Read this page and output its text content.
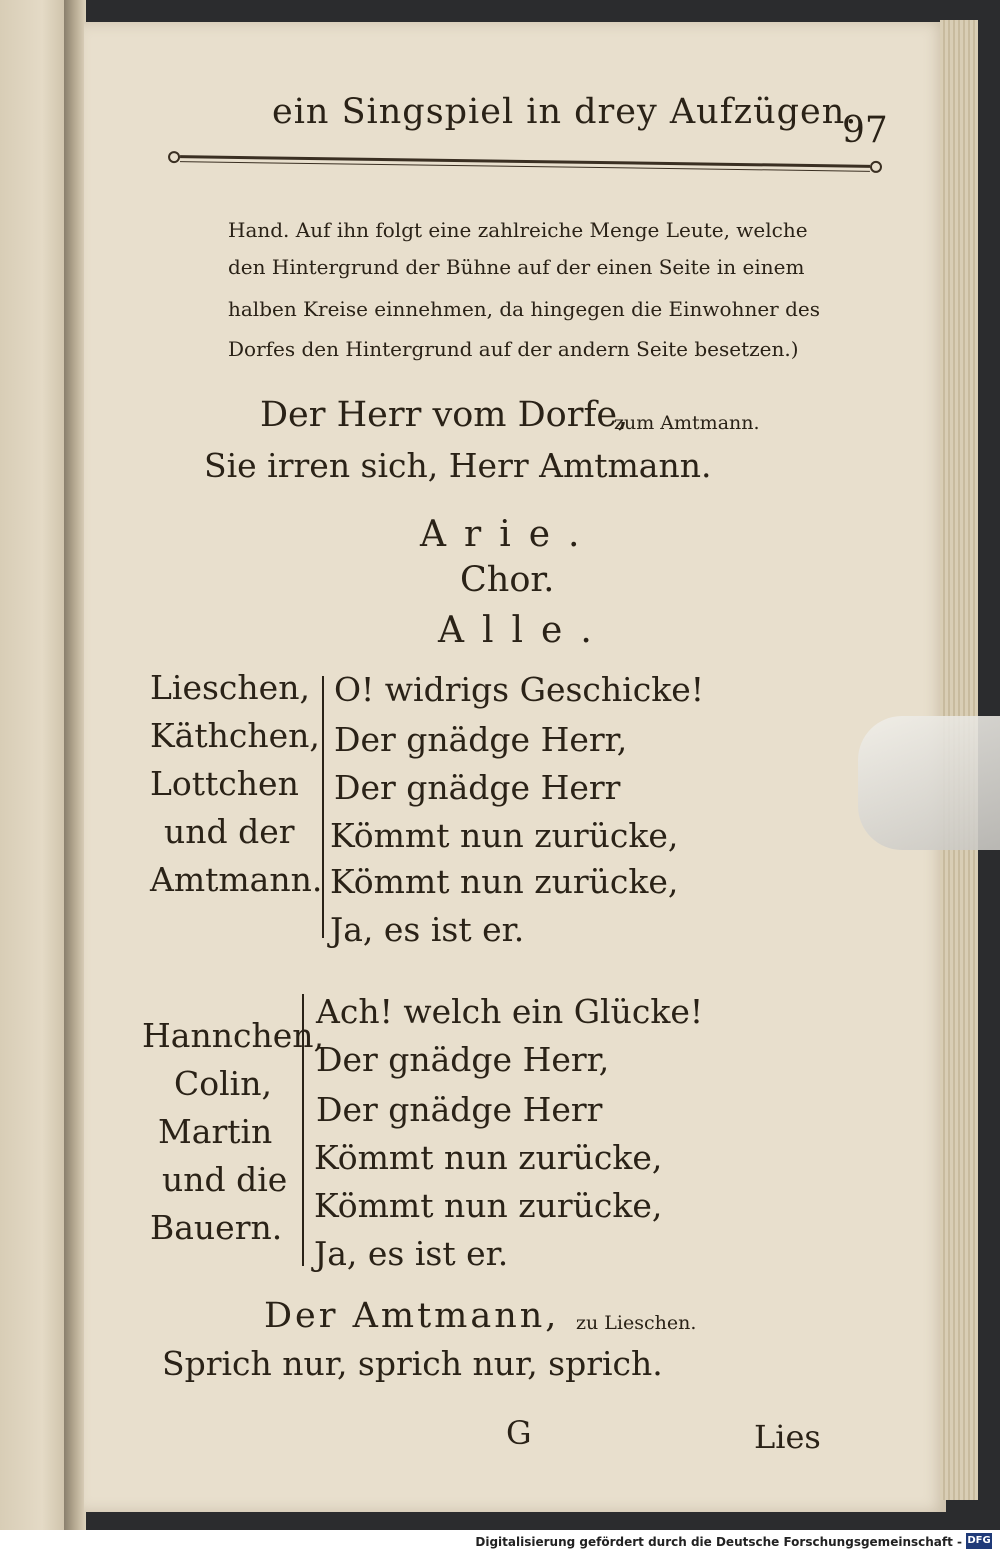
ein Singspiel in drey Aufzügen.
97
Hand. Auf ihn folgt eine zahlreiche Menge Leute, welche
den Hintergrund der Bühne auf der einen Seite in einem
halben Kreise einnehmen, da hingegen die Einwohner des
Dorfes den Hintergrund auf der andern Seite besetzen.)
Der Herr vom Dorfe,
zum Amtmann.
Sie irren sich, Herr Amtmann.
Arie.
Chor.
Alle.
Lieschen,
Käthchen,
Lottchen
und der
Amtmann.
O! widrigs Geschicke!
Der gnädge Herr,
Der gnädge Herr
Kömmt nun zurücke,
Kömmt nun zurücke,
Ja, es ist er.
Hannchen,
Colin,
Martin
und die
Bauern.
Ach! welch ein Glücke!
Der gnädge Herr,
Der gnädge Herr
Kömmt nun zurücke,
Kömmt nun zurücke,
Ja, es ist er.
Der Amtmann, zu Lieschen.
Sprich nur, sprich nur, sprich.
G	Lies
Digitalisierung gefördert durch die Deutsche Forschungsgemeinschaft - DFG
